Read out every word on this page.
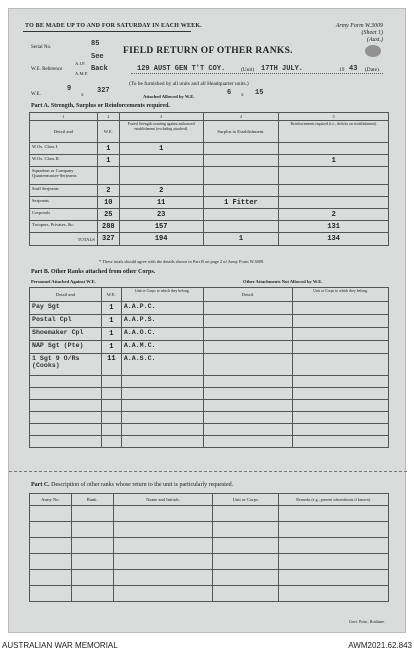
TO BE MADE UP TO AND FOR SATURDAY IN EACH WEEK.	Army Form W.3009
(Sheet 1)
(Aust.)
Serial No.	85
FIELD RETURN OF OTHER RANKS.
W.E. Reference
A.I.F.
A.M.F.
See
Back	129 AUST GEN T'T COY.	(Unit) 17TH JULY.	19 43 (Date).
(To be furnished by all units and all Headquarter units.)
W.E.
9
x 327
Attached Allowed by W.E.	6 x 15
Part A. Strength, Surplus or Reinforcements required.
1	2	3	4	5
Detail and	W.E.	Posted Strength counting against authorized establishment (excluding attached).	Surplus to Establishment.	Reinforcements required (i.e., deficits on establishment).
W.Os. Class I.	1	1		
W.Os. Class II.	1			1
Squadron or Company Quartermaster-Serjeants				
Staff Serjeants	2	2		
Serjeants	10	11	1 Fitter	
Corporals	25	23		2
Troopers, Privates, &c.	288	157		131
TOTALS	327	194	1	134
* These totals should agree with the details shown in Part B on page 2 of Army Form W.3009.
Part B. Other Ranks attached from other Corps.
Personnel Attached Against W.E.	Other Attachments Not Allowed by W.E.
Detail and	W.E.	Unit or Corps to which they belong.	Detail.	Unit or Corps to which they belong.
Pay Sgt	1	A.A.P.C.		
Postal Cpl	1	A.A.P.S.		
Shoemaker Cpl	1	A.A.O.C.		
NAP Sgt (Pte)	1	A.A.M.C.		

1 Sgt 9 O/Rs
(Cooks)	11	A.A.S.C.		

Part C. Description of other ranks whose return to the unit is particularly requested.
Army No.	Rank.	Name and Initials.	Unit or Corps.	Remarks (e.g., present whereabouts if known).

Govt. Print., Brisbane.
AUSTRALIAN WAR MEMORIAL	AWM2021.62.843
